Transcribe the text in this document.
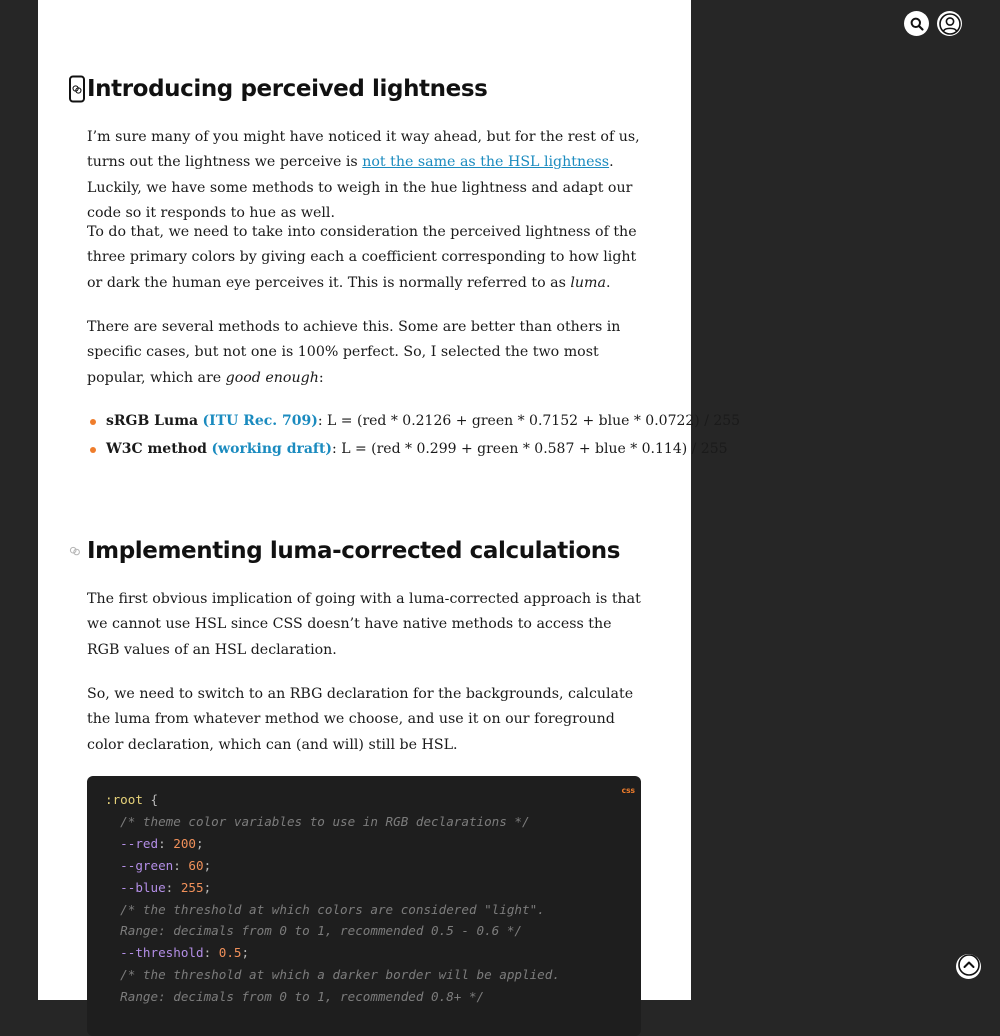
Introducing perceived lightness

I’m sure many of you might have noticed it way ahead, but for the rest of us, turns out the lightness we perceive is not the same as the HSL lightness. Luckily, we have some methods to weigh in the hue lightness and adapt our code so it responds to hue as well.

To do that, we need to take into consideration the perceived lightness of the three primary colors by giving each a coefficient corresponding to how light or dark the human eye perceives it. This is normally referred to as luma.

There are several methods to achieve this. Some are better than others in specific cases, but not one is 100% perfect. So, I selected the two most popular, which are good enough:

sRGB Luma (ITU Rec. 709): L = (red * 0.2126 + green * 0.7152 + blue * 0.0722) / 255
W3C method (working draft): L = (red * 0.299 + green * 0.587 + blue * 0.114) / 255
Implementing luma-corrected calculations

The first obvious implication of going with a luma-corrected approach is that we cannot use HSL since CSS doesn’t have native methods to access the RGB values of an HSL declaration.

So, we need to switch to an RBG declaration for the backgrounds, calculate the luma from whatever method we choose, and use it on our foreground color declaration, which can (and will) still be HSL.

css
:root {
/* theme color variables to use in RGB declarations */
--red: 200;
--green: 60;
--blue: 255;
/* the threshold at which colors are considered "light".
Range: decimals from 0 to 1, recommended 0.5 - 0.6 */
--threshold: 0.5;
/* the threshold at which a darker border will be applied.
Range: decimals from 0 to 1, recommended 0.8+ */
